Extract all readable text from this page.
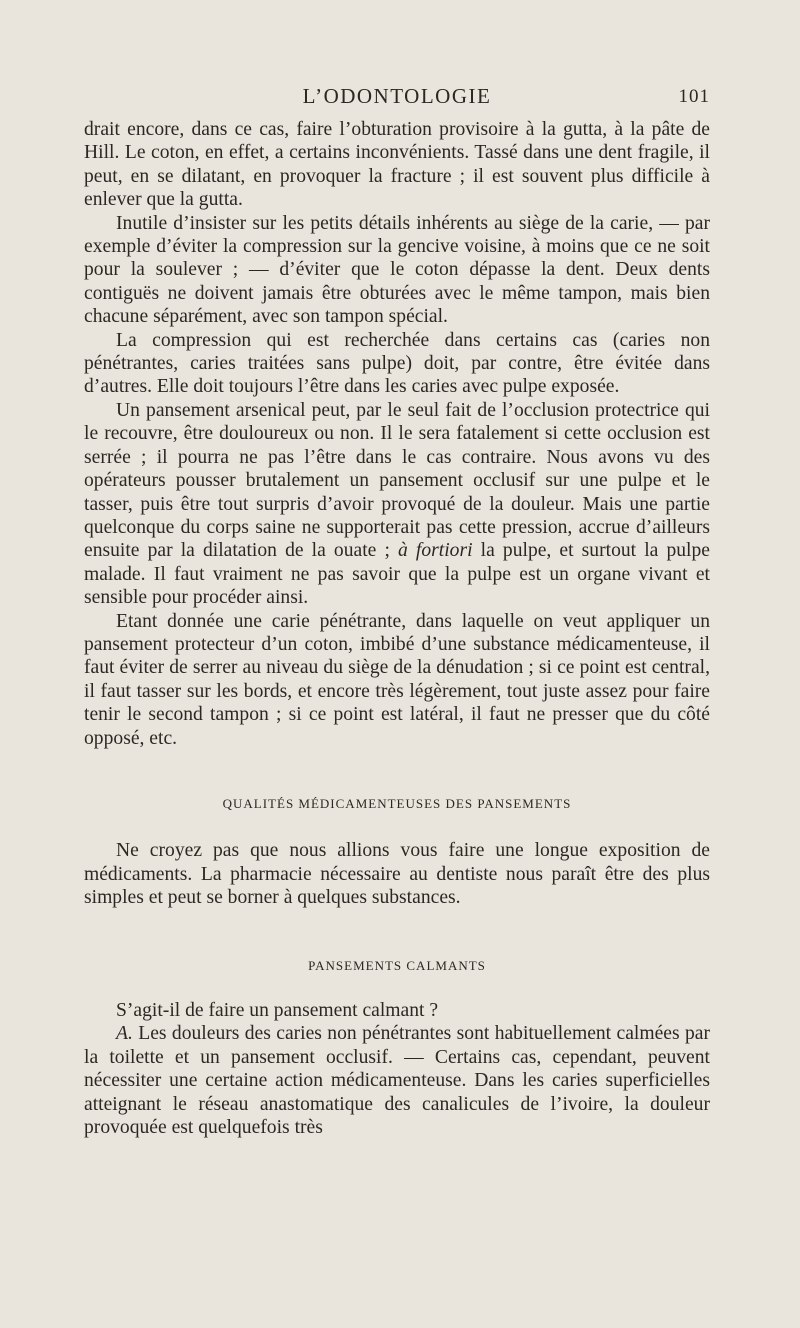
L’ODONTOLOGIE	101

drait encore, dans ce cas, faire l’obturation provisoire à la gutta, à la pâte de Hill. Le coton, en effet, a certains inconvénients. Tassé dans une dent fragile, il peut, en se dilatant, en provoquer la fracture ; il est souvent plus difficile à enlever que la gutta.

Inutile d’insister sur les petits détails inhérents au siège de la carie, — par exemple d’éviter la compression sur la gencive voisine, à moins que ce ne soit pour la soulever ; — d’éviter que le coton dépasse la dent. Deux dents contiguës ne doivent jamais être obturées avec le même tampon, mais bien chacune séparément, avec son tampon spécial.

La compression qui est recherchée dans certains cas (caries non pénétrantes, caries traitées sans pulpe) doit, par contre, être évitée dans d’autres. Elle doit toujours l’être dans les caries avec pulpe exposée.

Un pansement arsenical peut, par le seul fait de l’occlusion protectrice qui le recouvre, être douloureux ou non. Il le sera fatalement si cette occlusion est serrée ; il pourra ne pas l’être dans le cas contraire. Nous avons vu des opérateurs pousser brutalement un pansement occlusif sur une pulpe et le tasser, puis être tout surpris d’avoir provoqué de la douleur. Mais une partie quelconque du corps saine ne supporterait pas cette pression, accrue d’ailleurs ensuite par la dilatation de la ouate ; à fortiori la pulpe, et surtout la pulpe malade. Il faut vraiment ne pas savoir que la pulpe est un organe vivant et sensible pour procéder ainsi.

Etant donnée une carie pénétrante, dans laquelle on veut appliquer un pansement protecteur d’un coton, imbibé d’une substance médicamenteuse, il faut éviter de serrer au niveau du siège de la dénudation ; si ce point est central, il faut tasser sur les bords, et encore très légèrement, tout juste assez pour faire tenir le second tampon ; si ce point est latéral, il faut ne presser que du côté opposé, etc.

QUALITÉS MÉDICAMENTEUSES DES PANSEMENTS

Ne croyez pas que nous allions vous faire une longue exposition de médicaments. La pharmacie nécessaire au dentiste nous paraît être des plus simples et peut se borner à quelques substances.

PANSEMENTS CALMANTS

S’agit-il de faire un pansement calmant ?

A. Les douleurs des caries non pénétrantes sont habituellement calmées par la toilette et un pansement occlusif. — Certains cas, cependant, peuvent nécessiter une certaine action médicamenteuse. Dans les caries superficielles atteignant le réseau anastomatique des canalicules de l’ivoire, la douleur provoquée est quelquefois très
